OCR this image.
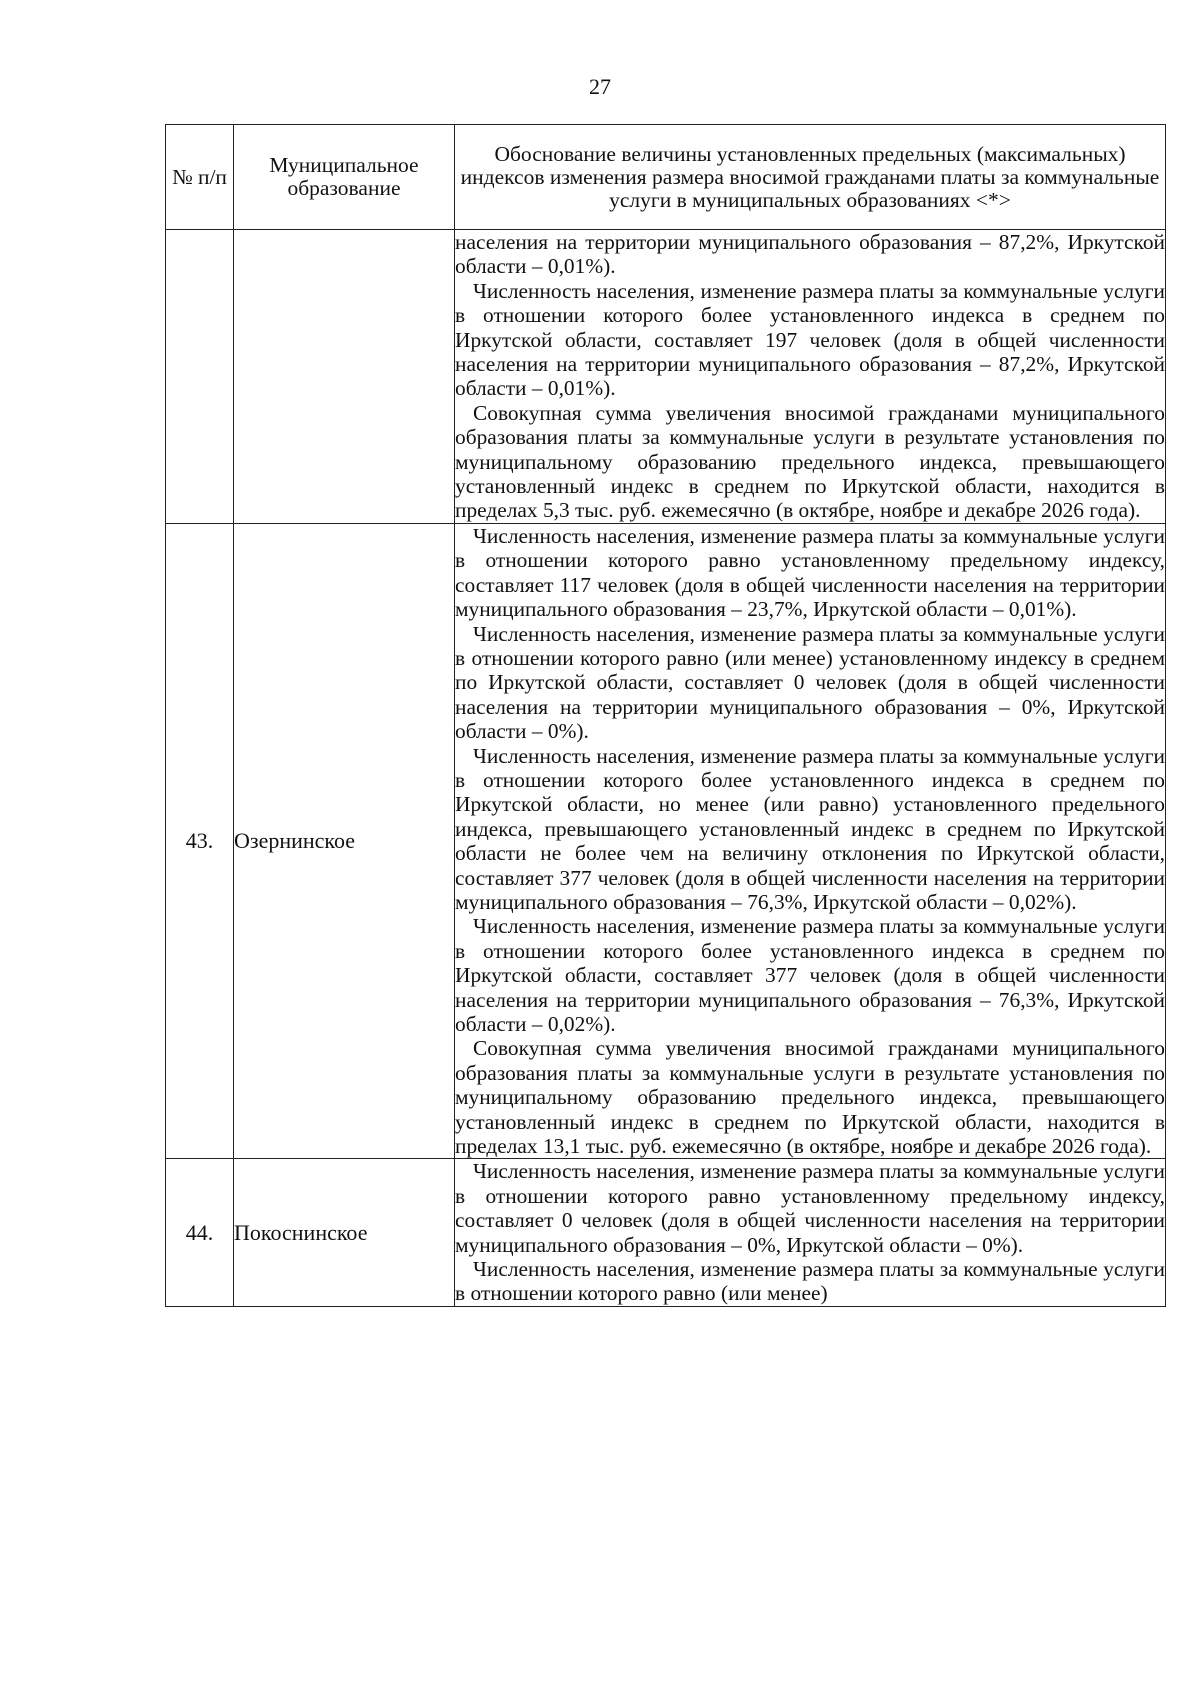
27
№ п/п	Муниципальное образование	Обоснование величины установленных предельных (максимальных) индексов изменения размера вносимой гражданами платы за коммунальные услуги в муниципальных образованиях <*>

		населения на территории муниципального образования – 87,2%, Иркутской области – 0,01%).

Численность населения, изменение размера платы за коммунальные услуги в отношении которого более установленного индекса в среднем по Иркутской области, составляет 197 человек (доля в общей численности населения на территории муниципального образования – 87,2%, Иркутской области – 0,01%).

Совокупная сумма увеличения вносимой гражданами муниципального образования платы за коммунальные услуги в результате установления по муниципальному образованию предельного индекса, превышающего установленный индекс в среднем по Иркутской области, находится в пределах 5,3 тыс. руб. ежемесячно (в октябре, ноябре и декабре 2026 года).

43.	Озернинское	Численность населения, изменение размера платы за коммунальные услуги в отношении которого равно установленному предельному индексу, составляет 117 человек (доля в общей численности населения на территории муниципального образования – 23,7%, Иркутской области – 0,01%).

Численность населения, изменение размера платы за коммунальные услуги в отношении которого равно (или менее) установленному индексу в среднем по Иркутской области, составляет 0 человек (доля в общей численности населения на территории муниципального образования – 0%, Иркутской области – 0%).

Численность населения, изменение размера платы за коммунальные услуги в отношении которого более установленного индекса в среднем по Иркутской области, но менее (или равно) установленного предельного индекса, превышающего установленный индекс в среднем по Иркутской области не более чем на величину отклонения по Иркутской области, составляет 377 человек (доля в общей численности населения на территории муниципального образования – 76,3%, Иркутской области – 0,02%).

Численность населения, изменение размера платы за коммунальные услуги в отношении которого более установленного индекса в среднем по Иркутской области, составляет 377 человек (доля в общей численности населения на территории муниципального образования – 76,3%, Иркутской области – 0,02%).

Совокупная сумма увеличения вносимой гражданами муниципального образования платы за коммунальные услуги в результате установления по муниципальному образованию предельного индекса, превышающего установленный индекс в среднем по Иркутской области, находится в пределах 13,1 тыс. руб. ежемесячно (в октябре, ноябре и декабре 2026 года).

44.	Покоснинское	Численность населения, изменение размера платы за коммунальные услуги в отношении которого равно установленному предельному индексу, составляет 0 человек (доля в общей численности населения на территории муниципального образования – 0%, Иркутской области – 0%).

Численность населения, изменение размера платы за коммунальные услуги в отношении которого равно (или менее)
